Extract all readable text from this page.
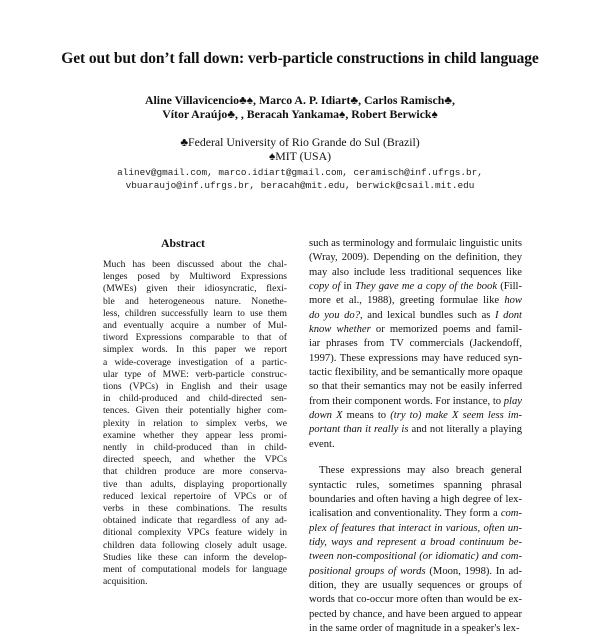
Get out but don’t fall down: verb-particle constructions in child language
Aline Villavicencio♣♠, Marco A. P. Idiart♣, Carlos Ramisch♣,
Vítor Araújo♣, , Beracah Yankama♠, Robert Berwick♠
♣Federal University of Rio Grande do Sul (Brazil)
♠MIT (USA)
alinev@gmail.com, marco.idiart@gmail.com, ceramisch@inf.ufrgs.br,
vbuaraujo@inf.ufrgs.br, beracah@mit.edu, berwick@csail.mit.edu
Abstract
Much has been discussed about the chal-
lenges posed by Multiword Expressions
(MWEs) given their idiosyncratic, flexi-
ble and heterogeneous nature. Nonethe-
less, children successfully learn to use them
and eventually acquire a number of Mul-
tiword Expressions comparable to that of
simplex words. In this paper we report
a wide-coverage investigation of a partic-
ular type of MWE: verb-particle construc-
tions (VPCs) in English and their usage
in child-produced and child-directed sen-
tences. Given their potentially higher com-
plexity in relation to simplex verbs, we
examine whether they appear less promi-
nently in child-produced than in child-
directed speech, and whether the VPCs
that children produce are more conserva-
tive than adults, displaying proportionally
reduced lexical repertoire of VPCs or of
verbs in these combinations. The results
obtained indicate that regardless of any ad-
ditional complexity VPCs feature widely in
children data following closely adult usage.
Studies like these can inform the develop-
ment of computational models for language
acquisition.
such as terminology and formulaic linguistic units
(Wray, 2009). Depending on the definition, they
may also include less traditional sequences like
copy of in They gave me a copy of the book (Fill-
more et al., 1988), greeting formulae like how
do you do?, and lexical bundles such as I dont
know whether or memorized poems and famil-
iar phrases from TV commercials (Jackendoff,
1997). These expressions may have reduced syn-
tactic flexibility, and be semantically more opaque
so that their semantics may not be easily inferred
from their component words. For instance, to play
down X means to (try to) make X seem less im-
portant than it really is and not literally a playing
event.
These expressions may also breach general
syntactic rules, sometimes spanning phrasal
boundaries and often having a high degree of lex-
icalisation and conventionality. They form a com-
plex of features that interact in various, often un-
tidy, ways and represent a broad continuum be-
tween non-compositional (or idiomatic) and com-
positional groups of words (Moon, 1998). In ad-
dition, they are usually sequences or groups of
words that co-occur more often than would be ex-
pected by chance, and have been argued to appear
in the same order of magnitude in a speaker's lex-
